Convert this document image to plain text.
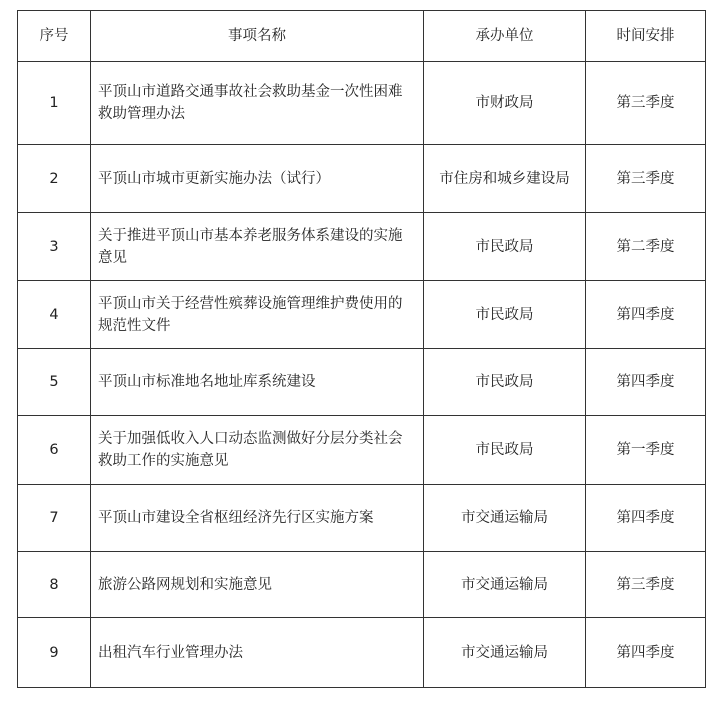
序号	事项名称	承办单位	时间安排
1	平顶山市道路交通事故社会救助基金一次性困难救助管理办法	市财政局	第三季度
2	平顶山市城市更新实施办法（试行）	市住房和城乡建设局	第三季度
3	关于推进平顶山市基本养老服务体系建设的实施意见	市民政局	第二季度
4	平顶山市关于经营性殡葬设施管理维护费使用的规范性文件	市民政局	第四季度
5	平顶山市标准地名地址库系统建设	市民政局	第四季度
6	关于加强低收入人口动态监测做好分层分类社会救助工作的实施意见	市民政局	第一季度
7	平顶山市建设全省枢纽经济先行区实施方案	市交通运输局	第四季度
8	旅游公路网规划和实施意见	市交通运输局	第三季度
9	出租汽车行业管理办法	市交通运输局	第四季度
